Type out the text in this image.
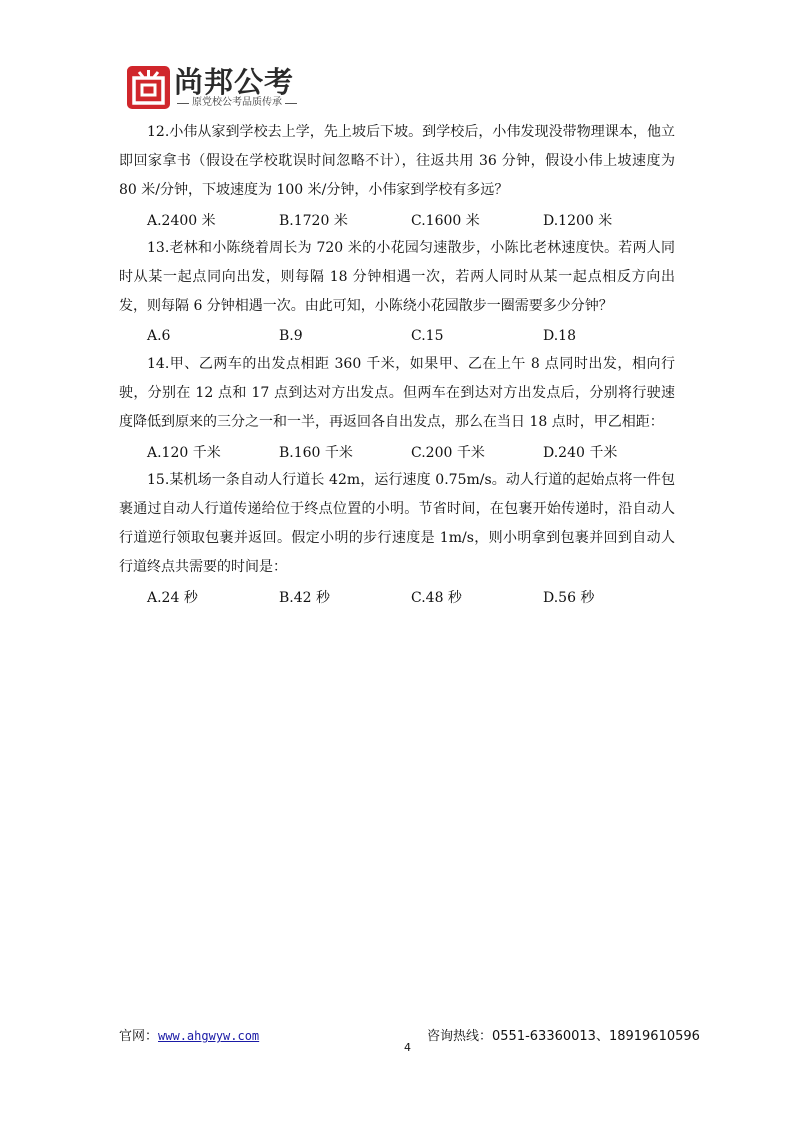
尚邦公考
原党校公考品质传承

12.小伟从家到学校去上学，先上坡后下坡。到学校后，小伟发现没带物理课本，他立即回家拿书（假设在学校耽误时间忽略不计），往返共用 36 分钟，假设小伟上坡速度为 80 米/分钟，下坡速度为 100 米/分钟，小伟家到学校有多远？

A.2400 米	B.1720 米	C.1600 米	D.1200 米

13.老林和小陈绕着周长为 720 米的小花园匀速散步，小陈比老林速度快。若两人同时从某一起点同向出发，则每隔 18 分钟相遇一次，若两人同时从某一起点相反方向出发，则每隔 6 分钟相遇一次。由此可知，小陈绕小花园散步一圈需要多少分钟？

A.6	B.9	C.15	D.18

14.甲、乙两车的出发点相距 360 千米，如果甲、乙在上午 8 点同时出发，相向行驶，分别在 12 点和 17 点到达对方出发点。但两车在到达对方出发点后，分别将行驶速度降低到原来的三分之一和一半，再返回各自出发点，那么在当日 18 点时，甲乙相距：

A.120 千米	B.160 千米	C.200 千米	D.240 千米

15.某机场一条自动人行道长 42m，运行速度 0.75m/s。动人行道的起始点将一件包裹通过自动人行道传递给位于终点位置的小明。节省时间，在包裹开始传递时，沿自动人行道逆行领取包裹并返回。假定小明的步行速度是 1m/s，则小明拿到包裹并回到自动人行道终点共需要的时间是：

A.24 秒	B.42 秒	C.48 秒	D.56 秒
官网：www.ahgwyw.com	咨询热线：0551-63360013、18919610596
4
